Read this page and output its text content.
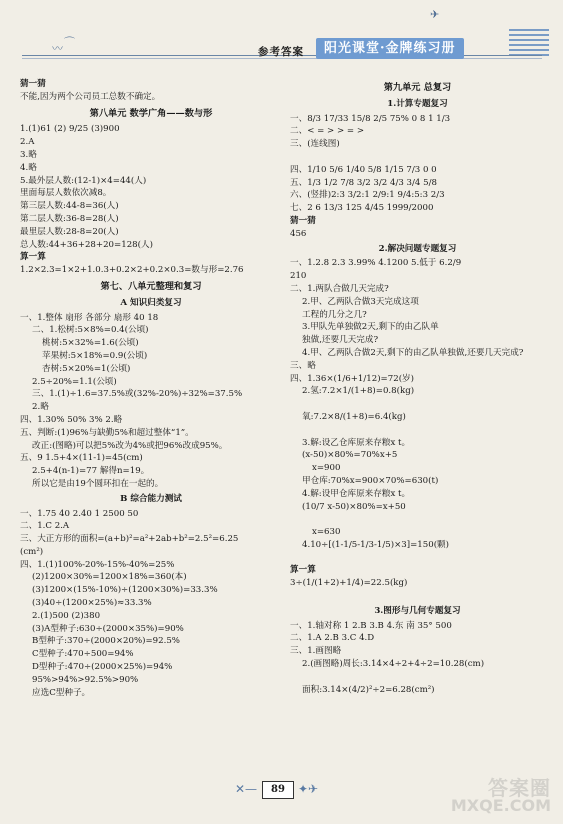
〰 ⌒
✈
参考答案	阳光课堂·金牌练习册
猜一猜
不能,因为两个公司员工总数不确定。
第八单元 数学广角——数与形
1.(1)61 (2) 9/25 (3)900
2.A
3.略
4.略
5.最外层人数:(12-1)×4=44(人)
里面每层人数依次减8。
第三层人数:44-8=36(人)
第二层人数:36-8=28(人)
最里层人数:28-8=20(人)
总人数:44+36+28+20=128(人)
算一算
1.2×2.3=1×2+1.0.3+0.2×2+0.2×0.3=数与形=2.76
第七、八单元整理和复习
A 知识归类复习
一、1.整体 扇形 各部分 扇形 40 18
二、1.松树:5×8%=0.4(公顷)
桃树:5×32%=1.6(公顷)
苹果树:5×18%=0.9(公顷)
杏树:5×20%=1(公顷)
2.5÷20%=1.1(公顷)
三、1.(1)÷1.6=37.5%或(32%-20%)÷32%=37.5%
2.略
四、1.30% 50% 3% 2.略
五、判断:(1)96%与缺勤5%和超过整体“1”。
改正:(图略)可以把5%改为4%或把96%改成95%。
五、9 1.5+4×(11-1)=45(cm)
2.5+4(n-1)=77 解得n=19。
所以它是由19个圆环扣在一起的。
B 综合能力测试
一、1.75 40 2.40 1 2500 50
二、1.C 2.A
三、大正方形的面积=(a+b)²=a²+2ab+b²=2.5²=6.25
(cm²)
四、1.(1)100%-20%-15%-40%=25%
(2)1200×30%=1200×18%=360(本)
(3)1200×(15%-10%)÷(1200×30%)=33.3%
(3)40÷(1200×25%)≈33.3%
2.(1)500 (2)380
(3)A型种子:630÷(2000×35%)=90%
B型种子:370÷(2000×20%)=92.5%
C型种子:470÷500=94%
D型种子:470÷(2000×25%)=94%
95%>94%>92.5%>90%
应选C型种子。
第九单元 总复习
1.计算专题复习
一、8/3 17/33 15/8 2/5 75% 0 8 1 1/3
二、< = > > = >
三、(连线图)
四、1/10 5/6 1/40 5/8 1/15 7/3 0 0
五、1/3 1/2 7/8 3/2 3/2 4/3 3/4 5/8
六、(竖排)2:3 3/2:1 2/9:1 9/4:5:3 2/3
七、2 6 13/3 125 4/45 1999/2000
猜一猜
456
2.解决问题专题复习
一、1.2.8 2.3 3.99% 4.1200 5.低于 6.2/9
210
二、1.两队合做几天完成?
2.甲、乙两队合做3天完成这项
工程的几分之几?
3.甲队先单独做2天,剩下的由乙队单
独做,还要几天完成?
4.甲、乙两队合做2天,剩下的由乙队单独做,还要几天完成?
三、略
四、1.36×(1/6+1/12)=72(岁)
2.氢:7.2×1/(1+8)=0.8(kg)
氧:7.2×8/(1+8)=6.4(kg)
3.解:设乙仓库原来存粮x t。
(x-50)×80%=70%x+5
x=900
甲仓库:70%x=900×70%=630(t)
4.解:设甲仓库原来存粮x t。
(10/7 x-50)×80%=x+50
x=630
4.10÷[(1-1/5-1/3-1/5)×3]=150(颗)
算一算
3÷(1/(1+2)+1/4)=22.5(kg)
3.图形与几何专题复习
一、1.轴对称 1 2.B 3.B 4.东 南 35° 500
二、1.A 2.B 3.C 4.D
三、1.画图略
2.(画图略)周长:3.14×4÷2+4÷2=10.28(cm)
面积:3.14×(4/2)²÷2=6.28(cm²)
✕—	89	✦✈	答案圈
MXQE.COM
